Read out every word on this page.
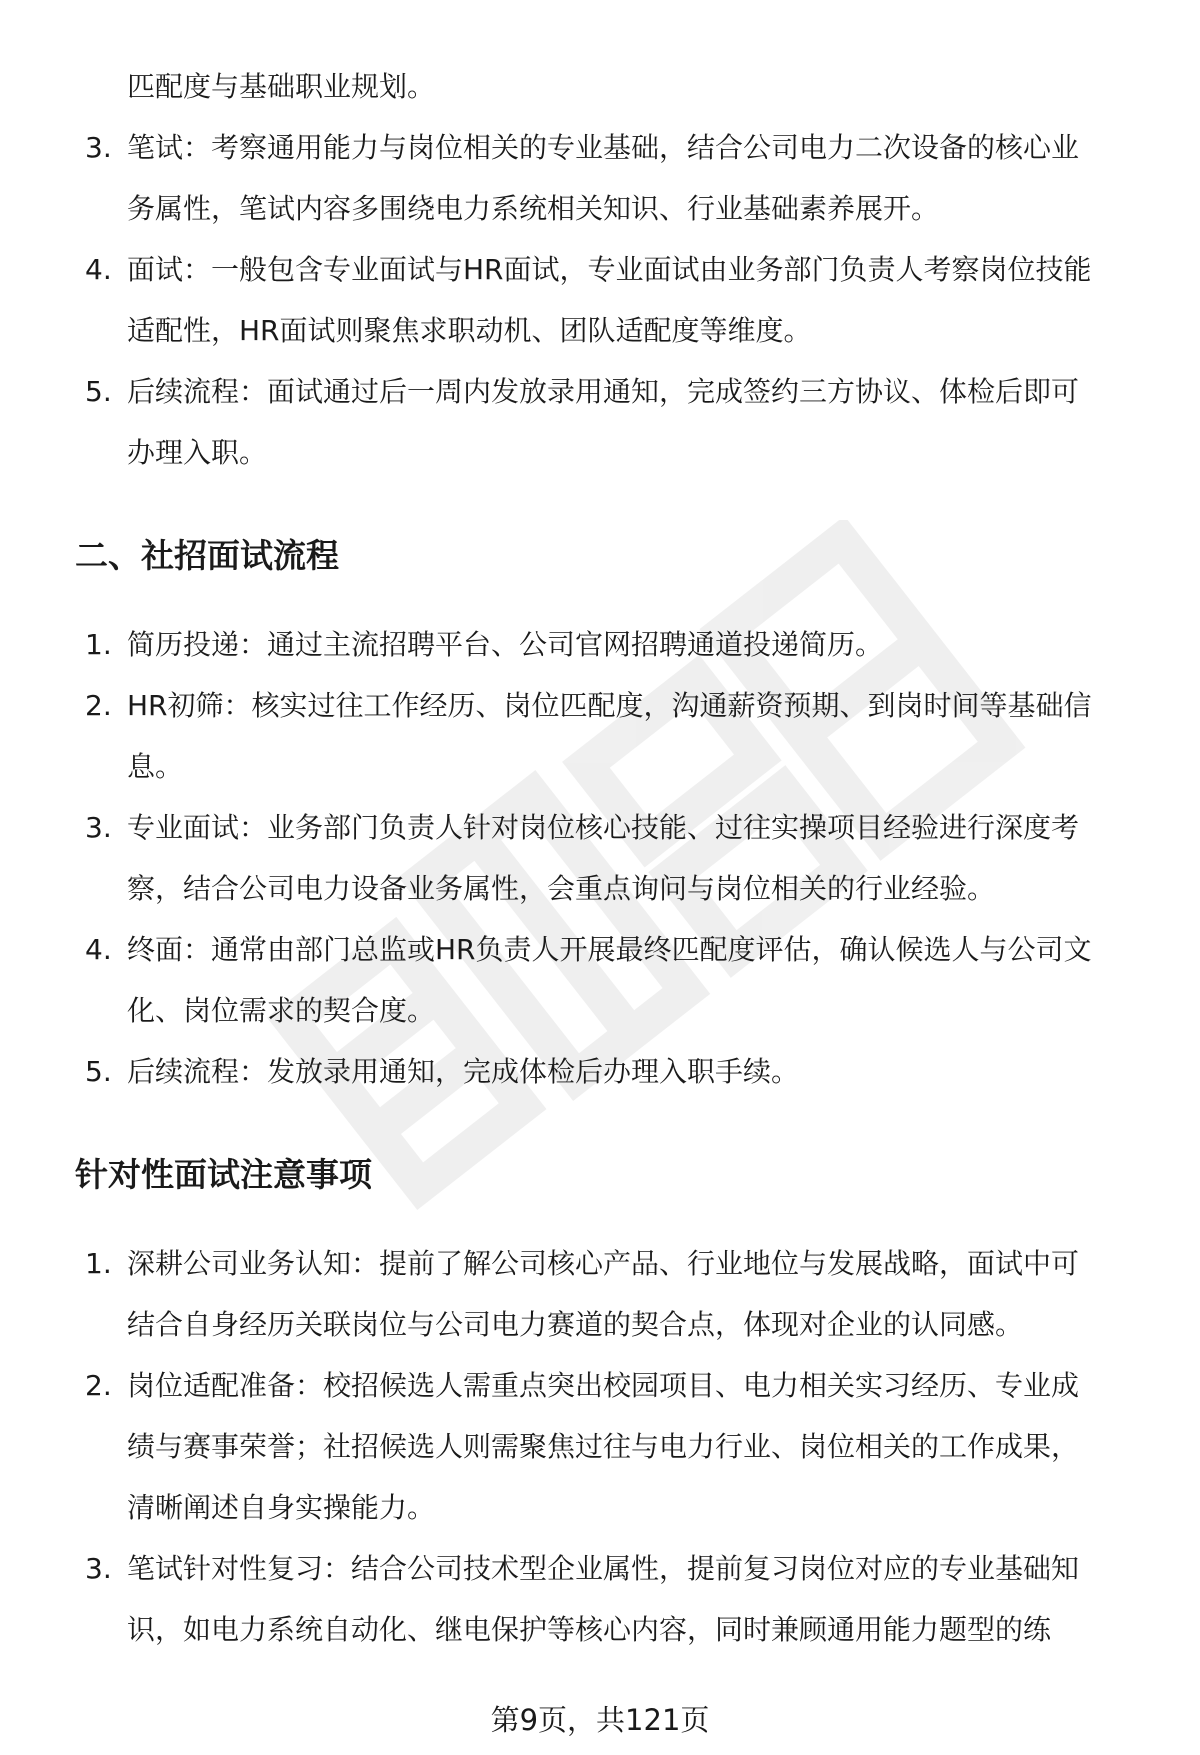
匹配度与基础职业规划。
3. 笔试：考察通用能力与岗位相关的专业基础，结合公司电力二次设备的核心业
务属性，笔试内容多围绕电力系统相关知识、行业基础素养展开。
4. 面试：一般包含专业面试与HR面试，专业面试由业务部门负责人考察岗位技能
适配性，HR面试则聚焦求职动机、团队适配度等维度。
5. 后续流程：面试通过后一周内发放录用通知，完成签约三方协议、体检后即可
办理入职。
二、社招面试流程
1. 简历投递：通过主流招聘平台、公司官网招聘通道投递简历。
2. HR初筛：核实过往工作经历、岗位匹配度，沟通薪资预期、到岗时间等基础信
息。
3. 专业面试：业务部门负责人针对岗位核心技能、过往实操项目经验进行深度考
察，结合公司电力设备业务属性，会重点询问与岗位相关的行业经验。
4. 终面：通常由部门总监或HR负责人开展最终匹配度评估，确认候选人与公司文
化、岗位需求的契合度。
5. 后续流程：发放录用通知，完成体检后办理入职手续。
针对性面试注意事项
1. 深耕公司业务认知：提前了解公司核心产品、行业地位与发展战略，面试中可
结合自身经历关联岗位与公司电力赛道的契合点，体现对企业的认同感。
2. 岗位适配准备：校招候选人需重点突出校园项目、电力相关实习经历、专业成
绩与赛事荣誉；社招候选人则需聚焦过往与电力行业、岗位相关的工作成果，
清晰阐述自身实操能力。
3. 笔试针对性复习：结合公司技术型企业属性，提前复习岗位对应的专业基础知
识，如电力系统自动化、继电保护等核心内容，同时兼顾通用能力题型的练
第9页，共121页
